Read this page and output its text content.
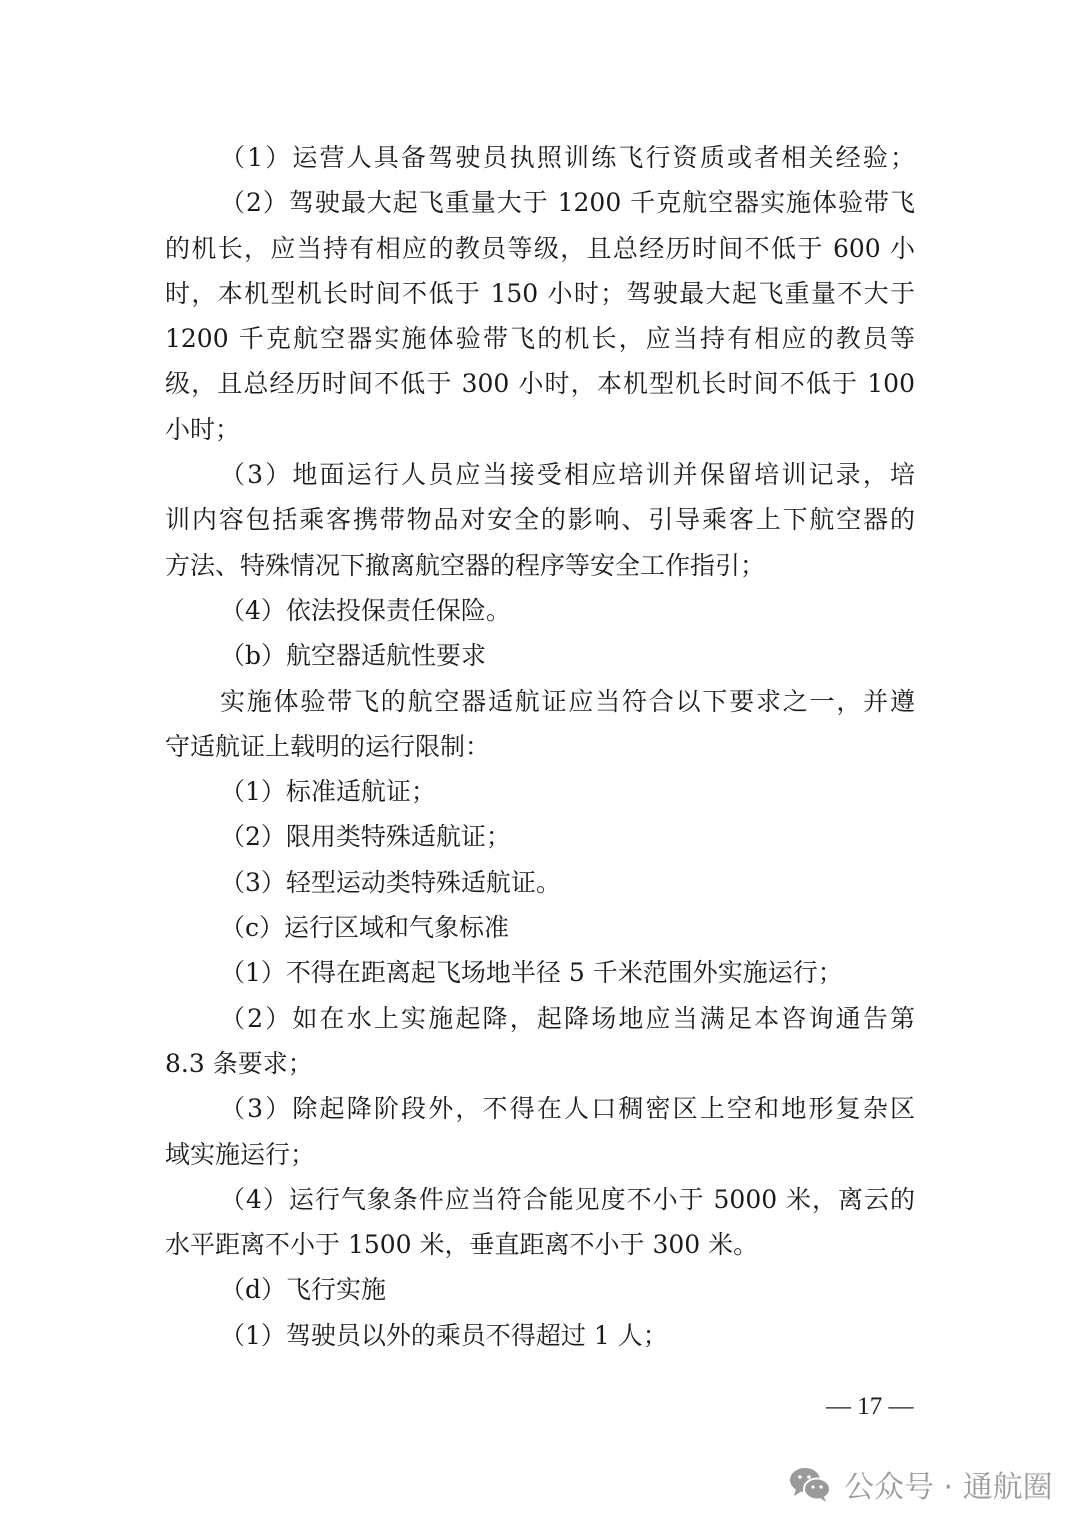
（1）运营人具备驾驶员执照训练飞行资质或者相关经验；
（2）驾驶最大起飞重量大于 1200 千克航空器实施体验带飞
的机长，应当持有相应的教员等级，且总经历时间不低于 600 小
时，本机型机长时间不低于 150 小时；驾驶最大起飞重量不大于
1200 千克航空器实施体验带飞的机长，应当持有相应的教员等
级，且总经历时间不低于 300 小时，本机型机长时间不低于 100
小时；
（3）地面运行人员应当接受相应培训并保留培训记录，培
训内容包括乘客携带物品对安全的影响、引导乘客上下航空器的
方法、特殊情况下撤离航空器的程序等安全工作指引；
（4）依法投保责任保险。
（b）航空器适航性要求
实施体验带飞的航空器适航证应当符合以下要求之一，并遵
守适航证上载明的运行限制：
（1）标准适航证；
（2）限用类特殊适航证；
（3）轻型运动类特殊适航证。
（c）运行区域和气象标准
（1）不得在距离起飞场地半径 5 千米范围外实施运行；
（2）如在水上实施起降，起降场地应当满足本咨询通告第
8.3 条要求；
（3）除起降阶段外，不得在人口稠密区上空和地形复杂区
域实施运行；
（4）运行气象条件应当符合能见度不小于 5000 米，离云的
水平距离不小于 1500 米，垂直距离不小于 300 米。
（d）飞行实施
（1）驾驶员以外的乘员不得超过 1 人；
— 17 —
公众号 · 通航圈
